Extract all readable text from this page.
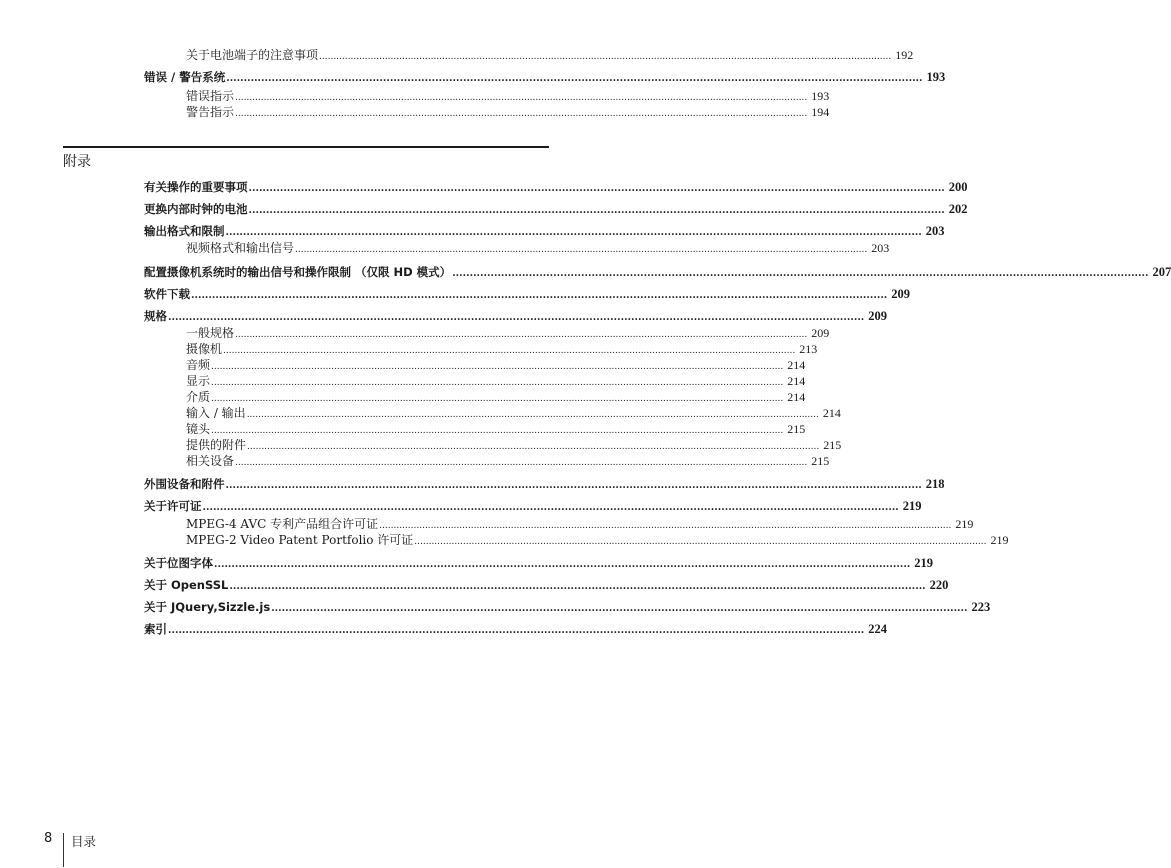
关于电池端子的注意事项 ........................................................................................................................................................................................................ 192
错误 / 警告系统 ........................................................................................................................................................................................................ 193
错误指示 ........................................................................................................................................................................................................ 193
警告指示 ........................................................................................................................................................................................................ 194
有关操作的重要事项 ........................................................................................................................................................................................................ 200
更换内部时钟的电池 ........................................................................................................................................................................................................ 202
输出格式和限制 ........................................................................................................................................................................................................ 203
视频格式和输出信号 ........................................................................................................................................................................................................ 203
配置摄像机系统时的输出信号和操作限制 （仅限 HD 模式） ........................................................................................................................................................................................................ 207
软件下载 ........................................................................................................................................................................................................ 209
规格 ........................................................................................................................................................................................................ 209
一般规格 ........................................................................................................................................................................................................ 209
摄像机 ........................................................................................................................................................................................................ 213
音频 ........................................................................................................................................................................................................ 214
显示 ........................................................................................................................................................................................................ 214
介质 ........................................................................................................................................................................................................ 214
输入 / 输出 ........................................................................................................................................................................................................ 214
镜头 ........................................................................................................................................................................................................ 215
提供的附件 ........................................................................................................................................................................................................ 215
相关设备 ........................................................................................................................................................................................................ 215
外围设备和附件 ........................................................................................................................................................................................................ 218
关于许可证 ........................................................................................................................................................................................................ 219
MPEG-4 AVC 专利产品组合许可证 ........................................................................................................................................................................................................ 219
MPEG-2 Video Patent Portfolio 许可证 ........................................................................................................................................................................................................ 219
关于位图字体 ........................................................................................................................................................................................................ 219
关于 OpenSSL ........................................................................................................................................................................................................ 220
关于 JQuery,Sizzle.js ........................................................................................................................................................................................................ 223
索引 ........................................................................................................................................................................................................ 224
附录
8 目录
